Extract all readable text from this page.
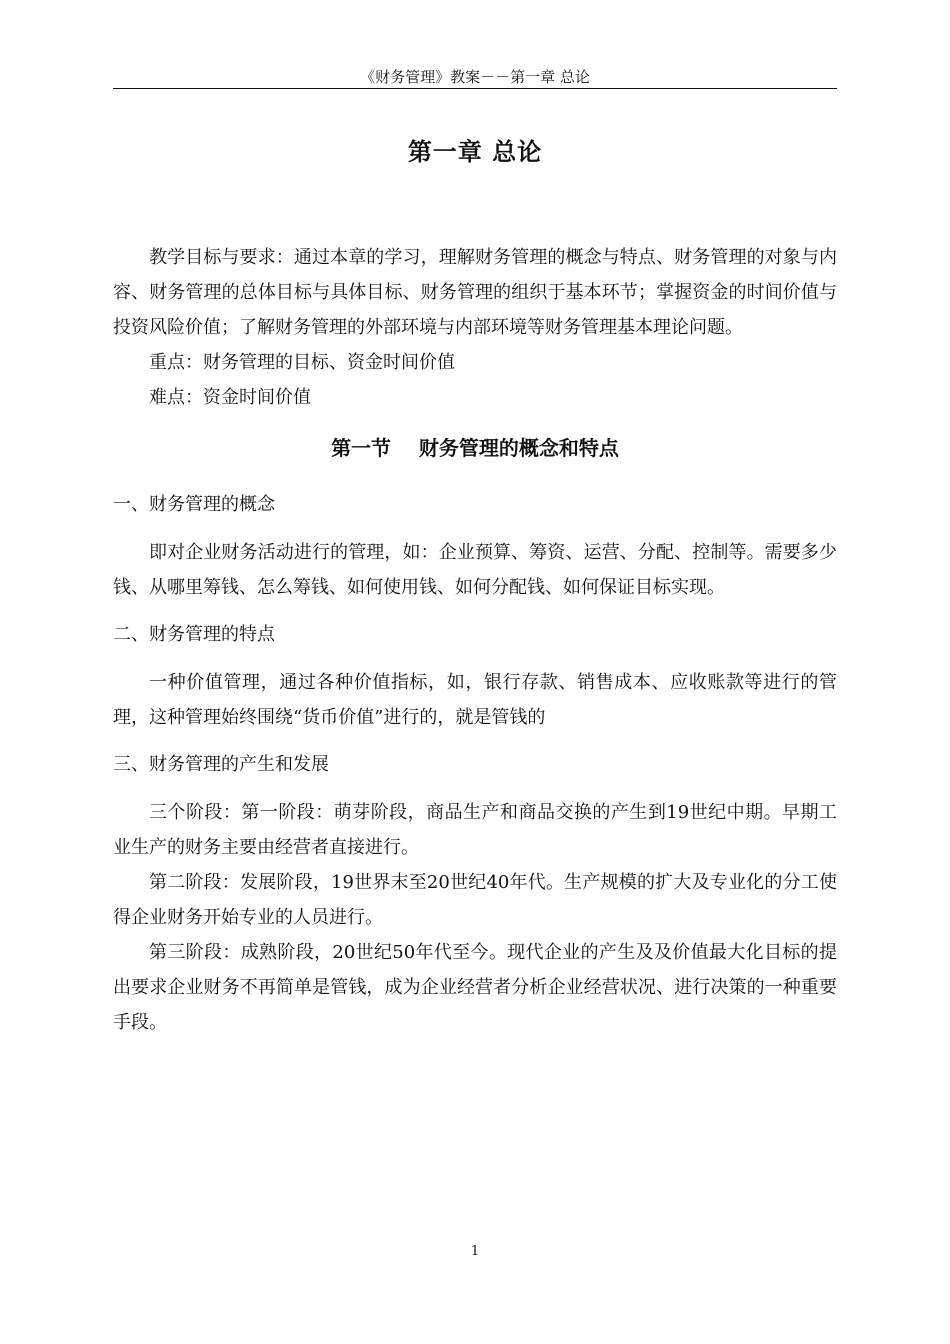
《财务管理》教案－－第一章 总论
第一章 总论

教学目标与要求：通过本章的学习，理解财务管理的概念与特点、财务管理的对象与内容、财务管理的总体目标与具体目标、财务管理的组织于基本环节；掌握资金的时间价值与投资风险价值；了解财务管理的外部环境与内部环境等财务管理基本理论问题。

重点：财务管理的目标、资金时间价值

难点：资金时间价值

第一节    财务管理的概念和特点
一、财务管理的概念

即对企业财务活动进行的管理，如：企业预算、筹资、运营、分配、控制等。需要多少钱、从哪里筹钱、怎么筹钱、如何使用钱、如何分配钱、如何保证目标实现。

二、财务管理的特点

一种价值管理，通过各种价值指标，如，银行存款、销售成本、应收账款等进行的管理，这种管理始终围绕“货币价值”进行的，就是管钱的

三、财务管理的产生和发展

三个阶段：第一阶段：萌芽阶段，商品生产和商品交换的产生到19世纪中期。早期工业生产的财务主要由经营者直接进行。

第二阶段：发展阶段，19世界末至20世纪40年代。生产规模的扩大及专业化的分工使得企业财务开始专业的人员进行。

第三阶段：成熟阶段，20世纪50年代至今。现代企业的产生及及价值最大化目标的提出要求企业财务不再简单是管钱，成为企业经营者分析企业经营状况、进行决策的一种重要手段。

1
